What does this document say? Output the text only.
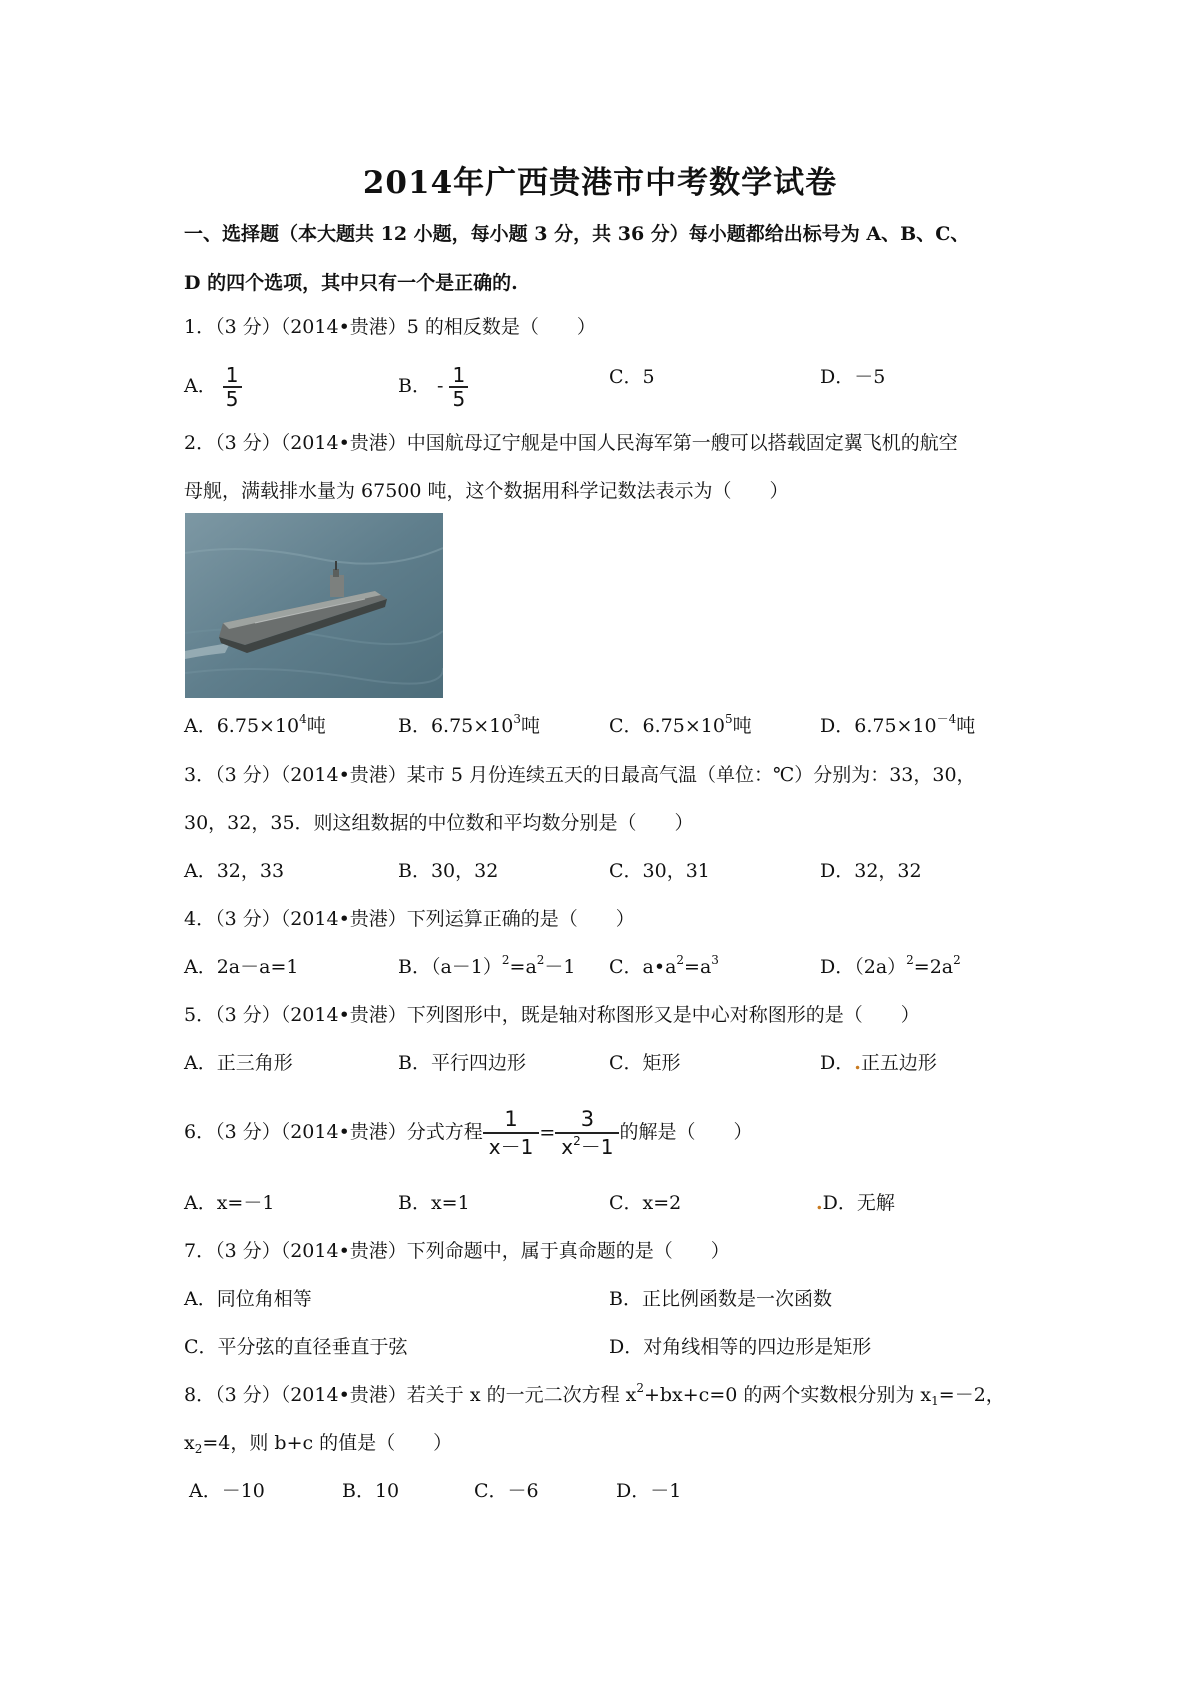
2014年广西贵港市中考数学试卷
一、选择题（本大题共 12 小题，每小题 3 分，共 36 分）每小题都给出标号为 A、B、C、
D 的四个选项，其中只有一个是正确的.
1．（3 分）（2014•贵港）5 的相反数是（　　）
A． $\frac{1}{5}$	B． - $\frac{1}{5}$	C．5	D．－5
2．（3 分）（2014•贵港）中国航母辽宁舰是中国人民海军第一艘可以搭载固定翼飞机的航空
母舰，满载排水量为 67500 吨，这个数据用科学记数法表示为（　　）
A．$6.75\times 10^4$吨	B．$6.75\times 10^3$吨	C．$6.75\times 10^5$吨	D．$6.75\times 10^{-4}$吨
3．（3 分）（2014•贵港）某市 5 月份连续五天的日最高气温（单位：℃）分别为：33，30，
30，32，35．则这组数据的中位数和平均数分别是（　　）
A．32，33	B．30，32	C．30，31	D．32，32
4．（3 分）（2014•贵港）下列运算正确的是（　　）
A．2a－a=1	B．$(a-1)^2=a^2-1$ C．$a•a^2=a^3$	D．$(2a)^2=2a^2$
5．（3 分）（2014•贵港）下列图形中，既是轴对称图形又是中心对称图形的是（　　）
A．正三角形	B．平行四边形	C．矩形	D．.正五边形
6．（3 分）（2014•贵港）分式方程 $\frac{1}{x-1} = \frac{3}{x^2-1}$ 的解是（　　）
A．x=－1	B．x=1	C．x=2	.D．无解
7．（3 分）（2014•贵港）下列命题中，属于真命题的是（　　）
A．同位角相等	B．正比例函数是一次函数
C．平分弦的直径垂直于弦	D．对角线相等的四边形是矩形
8．（3 分）（2014•贵港）若关于 x 的一元二次方程 $x^2+bx+c=0$ 的两个实数根分别为 $x_1=-2$，
$x_2=4$，则 b+c 的值是（　　）
A．－10	B．10	C．－6	D．－1
